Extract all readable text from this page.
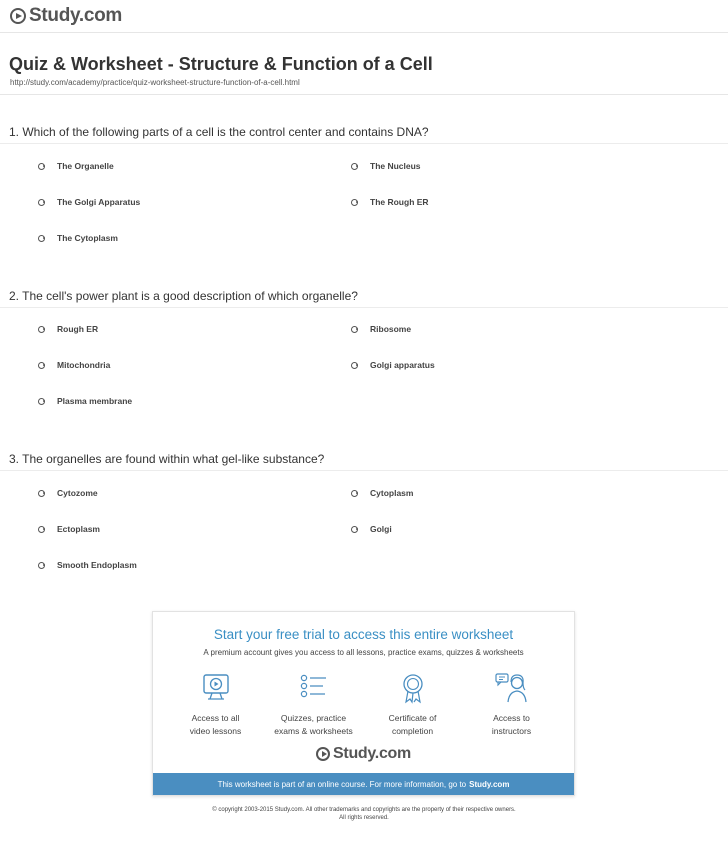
Study.com
Quiz & Worksheet - Structure & Function of a Cell
http://study.com/academy/practice/quiz-worksheet-structure-function-of-a-cell.html
1. Which of the following parts of a cell is the control center and contains DNA?
The Organelle	The Nucleus
The Golgi Apparatus	The Rough ER
The Cytoplasm
2. The cell's power plant is a good description of which organelle?
Rough ER	Ribosome
Mitochondria	Golgi apparatus
Plasma membrane
3. The organelles are found within what gel-like substance?
Cytozome	Cytoplasm
Ectoplasm	Golgi
Smooth Endoplasm
Start your free trial to access this entire worksheet
A premium account gives you access to all lessons, practice exams, quizzes & worksheets
Access to all
video lessons
Quizzes, practice
exams & worksheets
Certificate of
completion
Access to
instructors
Study.com
This worksheet is part of an online course. For more information, go to Study.com
© copyright 2003-2015 Study.com. All other trademarks and copyrights are the property of their respective owners.
All rights reserved.
